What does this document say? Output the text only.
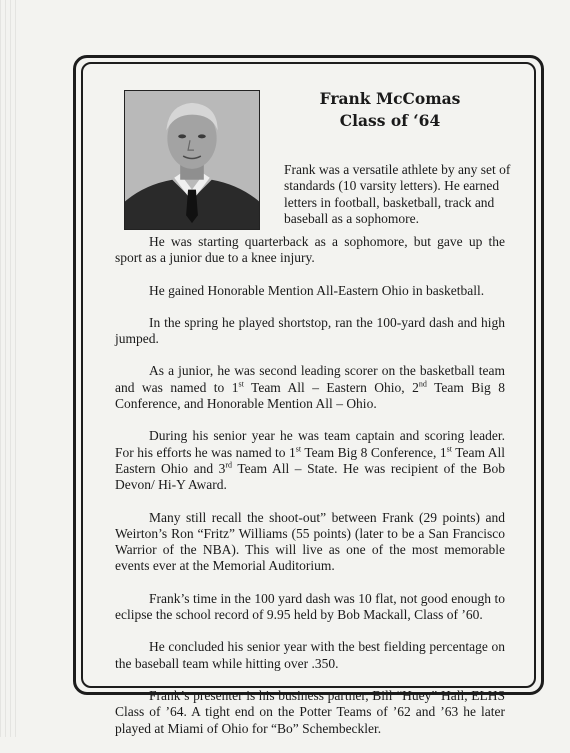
Frank McComas
Class of ‘64
Frank was a versatile athlete by any set of standards (10 varsity letters). He earned letters in football, basketball, track and baseball as a sophomore.

He was starting quarterback as a sophomore, but gave up the sport as a junior due to a knee injury.

He gained Honorable Mention All-Eastern Ohio in basketball.

In the spring he played shortstop, ran the 100-yard dash and high jumped.

As a junior, he was second leading scorer on the basketball team and was named to 1st Team All – Eastern Ohio, 2nd Team Big 8 Conference, and Honorable Mention All – Ohio.

During his senior year he was team captain and scoring leader. For his efforts he was named to 1st Team Big 8 Conference, 1st Team All Eastern Ohio and 3rd Team All – State. He was recipient of the Bob Devon/ Hi-Y Award.

Many still recall the shoot-out” between Frank (29 points) and Weirton’s Ron “Fritz” Williams (55 points) (later to be a San Francisco Warrior of the NBA). This will live as one of the most memorable events ever at the Memorial Auditorium.

Frank’s time in the 100 yard dash was 10 flat, not good enough to eclipse the school record of 9.95 held by Bob Mackall, Class of ’60.

He concluded his senior year with the best fielding percentage on the baseball team while hitting over .350.

Frank’s presenter is his business partner, Bill “Huey” Hall, ELHS Class of ’64. A tight end on the Potter Teams of ’62 and ’63 he later played at Miami of Ohio for “Bo” Schembeckler.
